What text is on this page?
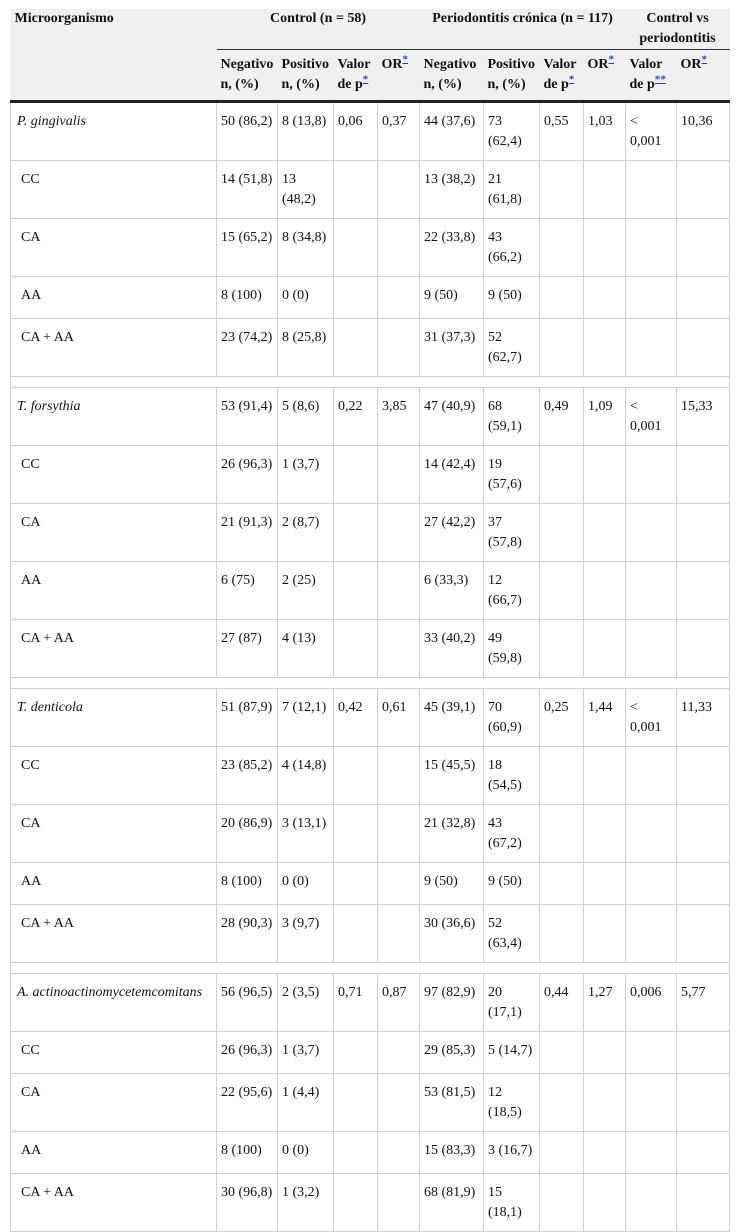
Microorganismo	Control (n = 58)				Periodontitis crónica (n = 117)				Control vs periodontitis	
	Negativo n, (%)	Positivo n, (%)	Valor de p*	OR*	Negativo n, (%)	Positivo n, (%)	Valor de p*	OR*	Valor de p**	OR*
P. gingivalis	50 (86,2)	8 (13,8)	0,06	0,37	44 (37,6)	73 (62,4)	0,55	1,03	< 0,001	10,36
CC	14 (51,8)	13 (48,2)			13 (38,2)	21 (61,8)				
CA	15 (65,2)	8 (34,8)			22 (33,8)	43 (66,2)				
AA	8 (100)	0 (0)			9 (50)	9 (50)				
CA + AA	23 (74,2)	8 (25,8)			31 (37,3)	52 (62,7)				

T. forsythia	53 (91,4)	5 (8,6)	0,22	3,85	47 (40,9)	68 (59,1)	0,49	1,09	< 0,001	15,33
CC	26 (96,3)	1 (3,7)			14 (42,4)	19 (57,6)				
CA	21 (91,3)	2 (8,7)			27 (42,2)	37 (57,8)				
AA	6 (75)	2 (25)			6 (33,3)	12 (66,7)				
CA + AA	27 (87)	4 (13)			33 (40,2)	49 (59,8)				

T. denticola	51 (87,9)	7 (12,1)	0,42	0,61	45 (39,1)	70 (60,9)	0,25	1,44	< 0,001	11,33
CC	23 (85,2)	4 (14,8)			15 (45,5)	18 (54,5)				
CA	20 (86,9)	3 (13,1)			21 (32,8)	43 (67,2)				
AA	8 (100)	0 (0)			9 (50)	9 (50)				
CA + AA	28 (90,3)	3 (9,7)			30 (36,6)	52 (63,4)				

A. actinoactinomycetemcomitans	56 (96,5)	2 (3,5)	0,71	0,87	97 (82,9)	20 (17,1)	0,44	1,27	0,006	5,77
CC	26 (96,3)	1 (3,7)			29 (85,3)	5 (14,7)				
CA	22 (95,6)	1 (4,4)			53 (81,5)	12 (18,5)				
AA	8 (100)	0 (0)			15 (83,3)	3 (16,7)				
CA + AA	30 (96,8)	1 (3,2)			68 (81,9)	15 (18,1)				
